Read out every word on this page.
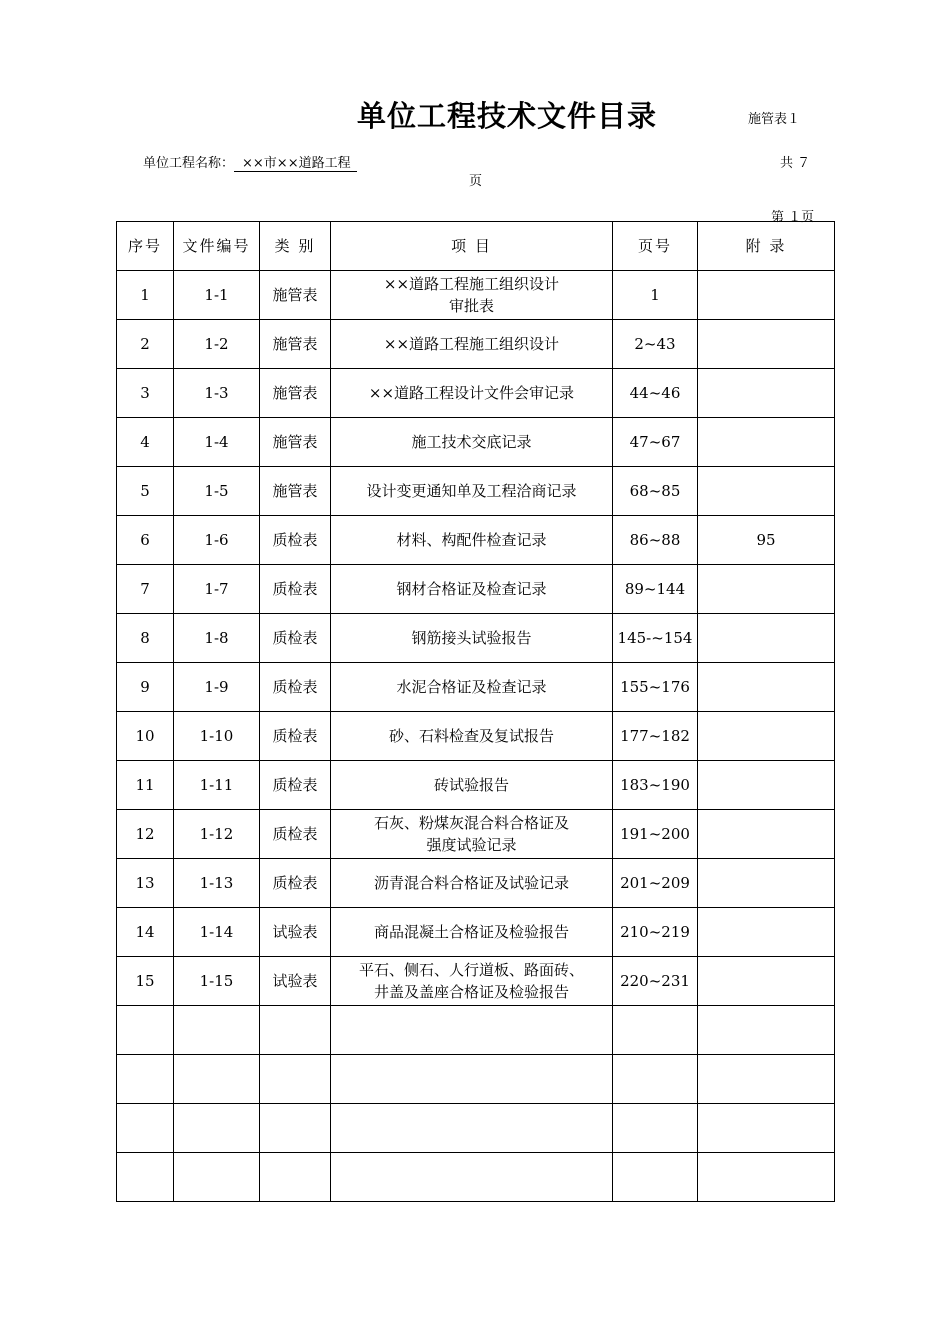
单位工程技术文件目录	施管表１
单位工程名称： ××市××道路工程	共 ７
页
第 １页
序号	文件编号	类 别	项 目	页号	附 录
1	1-1	施管表	××道路工程施工组织设计
审批表	1	
2	1-2	施管表	××道路工程施工组织设计	2~43	
3	1-3	施管表	××道路工程设计文件会审记录	44~46	
4	1-4	施管表	施工技术交底记录	47~67	
5	1-5	施管表	设计变更通知单及工程洽商记录	68~85	
6	1-6	质检表	材料、构配件检查记录	86~88	95
7	1-7	质检表	钢材合格证及检查记录	89~144	
8	1-8	质检表	钢筋接头试验报告	145-~154	
9	1-9	质检表	水泥合格证及检查记录	155~176	
10	1-10	质检表	砂、石料检查及复试报告	177~182	
11	1-11	质检表	砖试验报告	183~190	
12	1-12	质检表	石灰、粉煤灰混合料合格证及
强度试验记录	191~200	
13	1-13	质检表	沥青混合料合格证及试验记录	201~209	
14	1-14	试验表	商品混凝土合格证及检验报告	210~219	
15	1-15	试验表	平石、侧石、人行道板、路面砖、
井盖及盖座合格证及检验报告	220~231	
